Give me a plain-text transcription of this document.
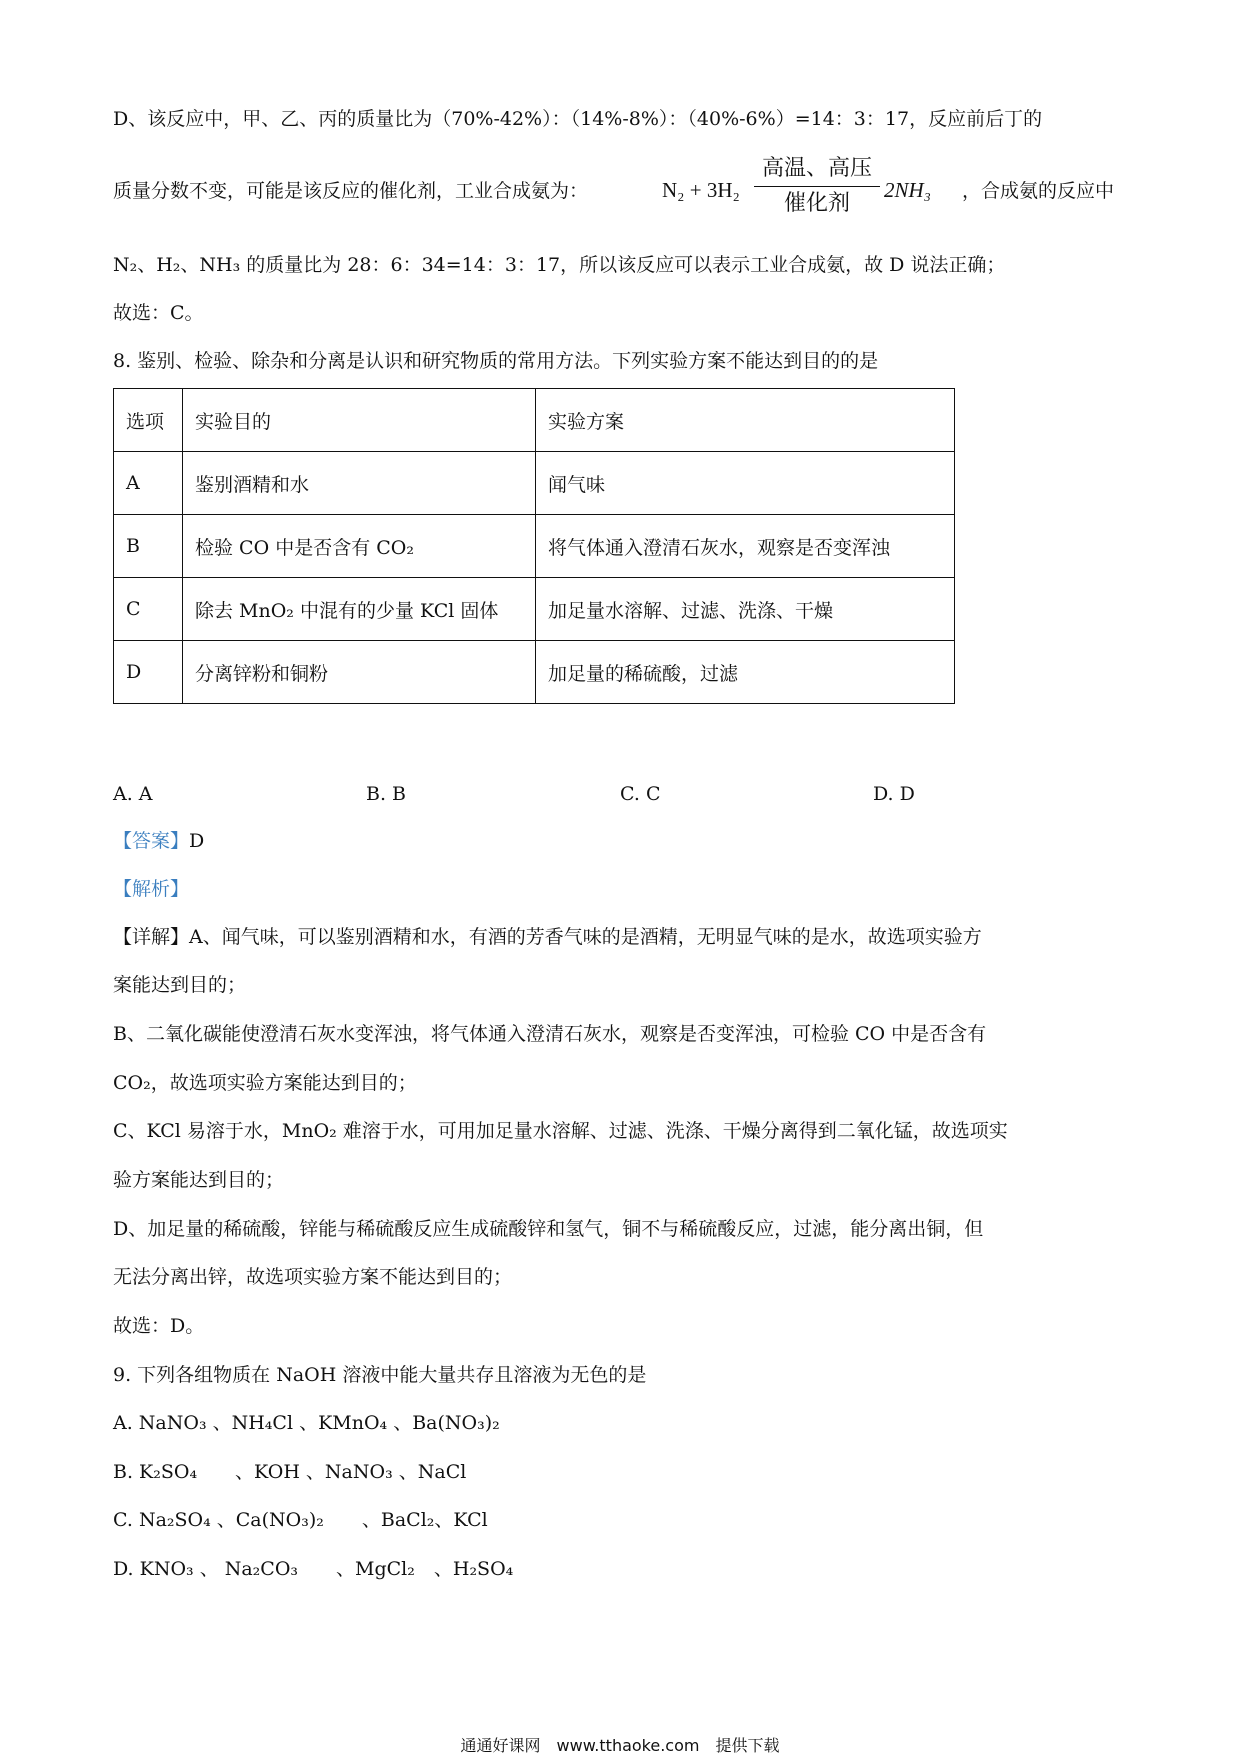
D、该反应中，甲、乙、丙的质量比为（70%-42%）：（14%-8%）：（40%-6%）=14：3：17，反应前后丁的
质量分数不变，可能是该反应的催化剂，工业合成氨为：	N₂ + 3H₂
高温、高压
催化剂
2NH₃ ，合成氨的反应中
N₂、H₂、NH₃ 的质量比为 28：6：34=14：3：17，所以该反应可以表示工业合成氨，故 D 说法正确；
故选：C。
8. 鉴别、检验、除杂和分离是认识和研究物质的常用方法。下列实验方案不能达到目的的是
选项	实验目的	实验方案
A	鉴别酒精和水	闻气味
B	检验 CO 中是否含有 CO₂	将气体通入澄清石灰水，观察是否变浑浊
C	除去 MnO₂ 中混有的少量 KCl 固体	加足量水溶解、过滤、洗涤、干燥
D	分离锌粉和铜粉	加足量的稀硫酸，过滤
A. A	B. B	C. C	D. D
【答案】D
【解析】
【详解】A、闻气味，可以鉴别酒精和水，有酒的芳香气味的是酒精，无明显气味的是水，故选项实验方
案能达到目的；
B、二氧化碳能使澄清石灰水变浑浊，将气体通入澄清石灰水，观察是否变浑浊，可检验 CO 中是否含有
CO₂，故选项实验方案能达到目的；
C、KCl 易溶于水，MnO₂ 难溶于水，可用加足量水溶解、过滤、洗涤、干燥分离得到二氧化锰，故选项实
验方案能达到目的；
D、加足量的稀硫酸，锌能与稀硫酸反应生成硫酸锌和氢气，铜不与稀硫酸反应，过滤，能分离出铜，但
无法分离出锌，故选项实验方案不能达到目的；
故选：D。
9. 下列各组物质在 NaOH 溶液中能大量共存且溶液为无色的是
A. NaNO₃ 、NH₄Cl 、KMnO₄ 、Ba(NO₃)₂
B. K₂SO₄　　、KOH 、NaNO₃ 、NaCl
C. Na₂SO₄ 、Ca(NO₃)₂　　、BaCl₂、KCl
D. KNO₃ 、 Na₂CO₃　　、MgCl₂　、H₂SO₄
通通好课网　www.tthaoke.com　提供下载
